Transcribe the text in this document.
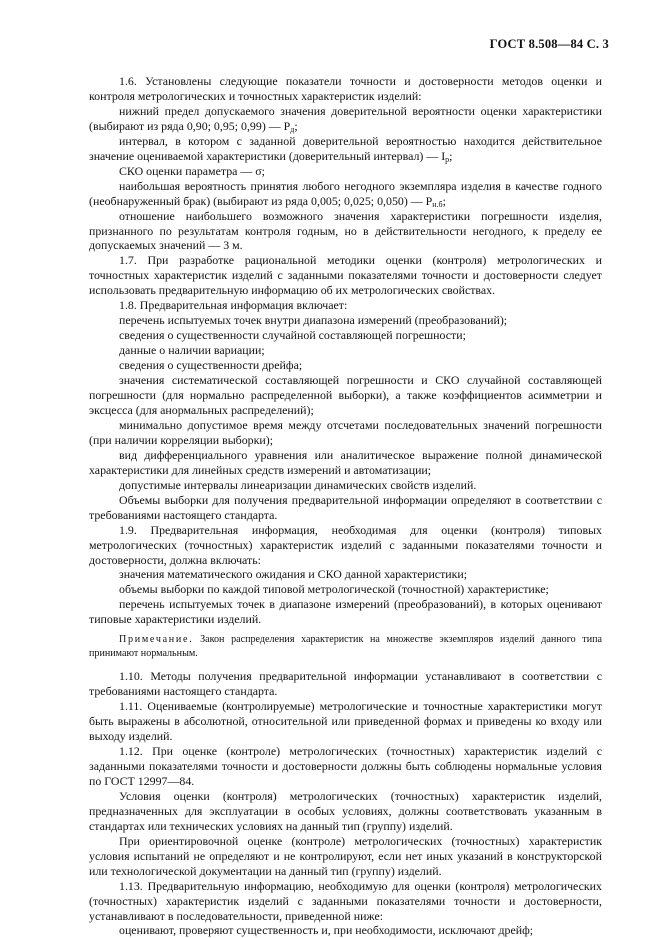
ГОСТ 8.508—84 С. 3

1.6. Установлены следующие показатели точности и достоверности методов оценки и контроля метрологических и точностных характеристик изделий:

нижний предел допускаемого значения доверительной вероятности оценки характеристики (выбирают из ряда 0,90; 0,95; 0,99) — $P_д$;

интервал, в котором с заданной доверительной вероятностью находится действительное значение оцениваемой характеристики (доверительный интервал) — $I_р$;

СКО оценки параметра — σ;

наибольшая вероятность принятия любого негодного экземпляра изделия в качестве годного (необнаруженный брак) (выбирают из ряда 0,005; 0,025; 0,050) — $P_{н.б}$;

отношение наибольшего возможного значения характеристики погрешности изделия, признанного по результатам контроля годным, но в действительности негодного, к пределу ее допускаемых значений — 3 м.

1.7. При разработке рациональной методики оценки (контроля) метрологических и точностных характеристик изделий с заданными показателями точности и достоверности следует использовать предварительную информацию об их метрологических свойствах.

1.8. Предварительная информация включает:

перечень испытуемых точек внутри диапазона измерений (преобразований);

сведения о существенности случайной составляющей погрешности;

данные о наличии вариации;

сведения о существенности дрейфа;

значения систематической составляющей погрешности и СКО случайной составляющей погрешности (для нормально распределенной выборки), а также коэффициентов асимметрии и эксцесса (для анормальных распределений);

минимально допустимое время между отсчетами последовательных значений погрешности (при наличии корреляции выборки);

вид дифференциального уравнения или аналитическое выражение полной динамической характеристики для линейных средств измерений и автоматизации;

допустимые интервалы линеаризации динамических свойств изделий.

Объемы выборки для получения предварительной информации определяют в соответствии с требованиями настоящего стандарта.

1.9. Предварительная информация, необходимая для оценки (контроля) типовых метрологических (точностных) характеристик изделий с заданными показателями точности и достоверности, должна включать:

значения математического ожидания и СКО данной характеристики;

объемы выборки по каждой типовой метрологической (точностной) характеристике;

перечень испытуемых точек в диапазоне измерений (преобразований), в которых оценивают типовые характеристики изделий.

Примечание. Закон распределения характеристик на множестве экземпляров изделий данного типа принимают нормальным.

1.10. Методы получения предварительной информации устанавливают в соответствии с требованиями настоящего стандарта.

1.11. Оцениваемые (контролируемые) метрологические и точностные характеристики могут быть выражены в абсолютной, относительной или приведенной формах и приведены ко входу или выходу изделий.

1.12. При оценке (контроле) метрологических (точностных) характеристик изделий с заданными показателями точности и достоверности должны быть соблюдены нормальные условия по ГОСТ 12997—84.

Условия оценки (контроля) метрологических (точностных) характеристик изделий, предназначенных для эксплуатации в особых условиях, должны соответствовать указанным в стандартах или технических условиях на данный тип (группу) изделий.

При ориентировочной оценке (контроле) метрологических (точностных) характеристик условия испытаний не определяют и не контролируют, если нет иных указаний в конструкторской или технологической документации на данный тип (группу) изделий.

1.13. Предварительную информацию, необходимую для оценки (контроля) метрологических (точностных) характеристик изделий с заданными показателями точности и достоверности, устанавливают в последовательности, приведенной ниже:

оценивают, проверяют существенность и, при необходимости, исключают дрейф;
